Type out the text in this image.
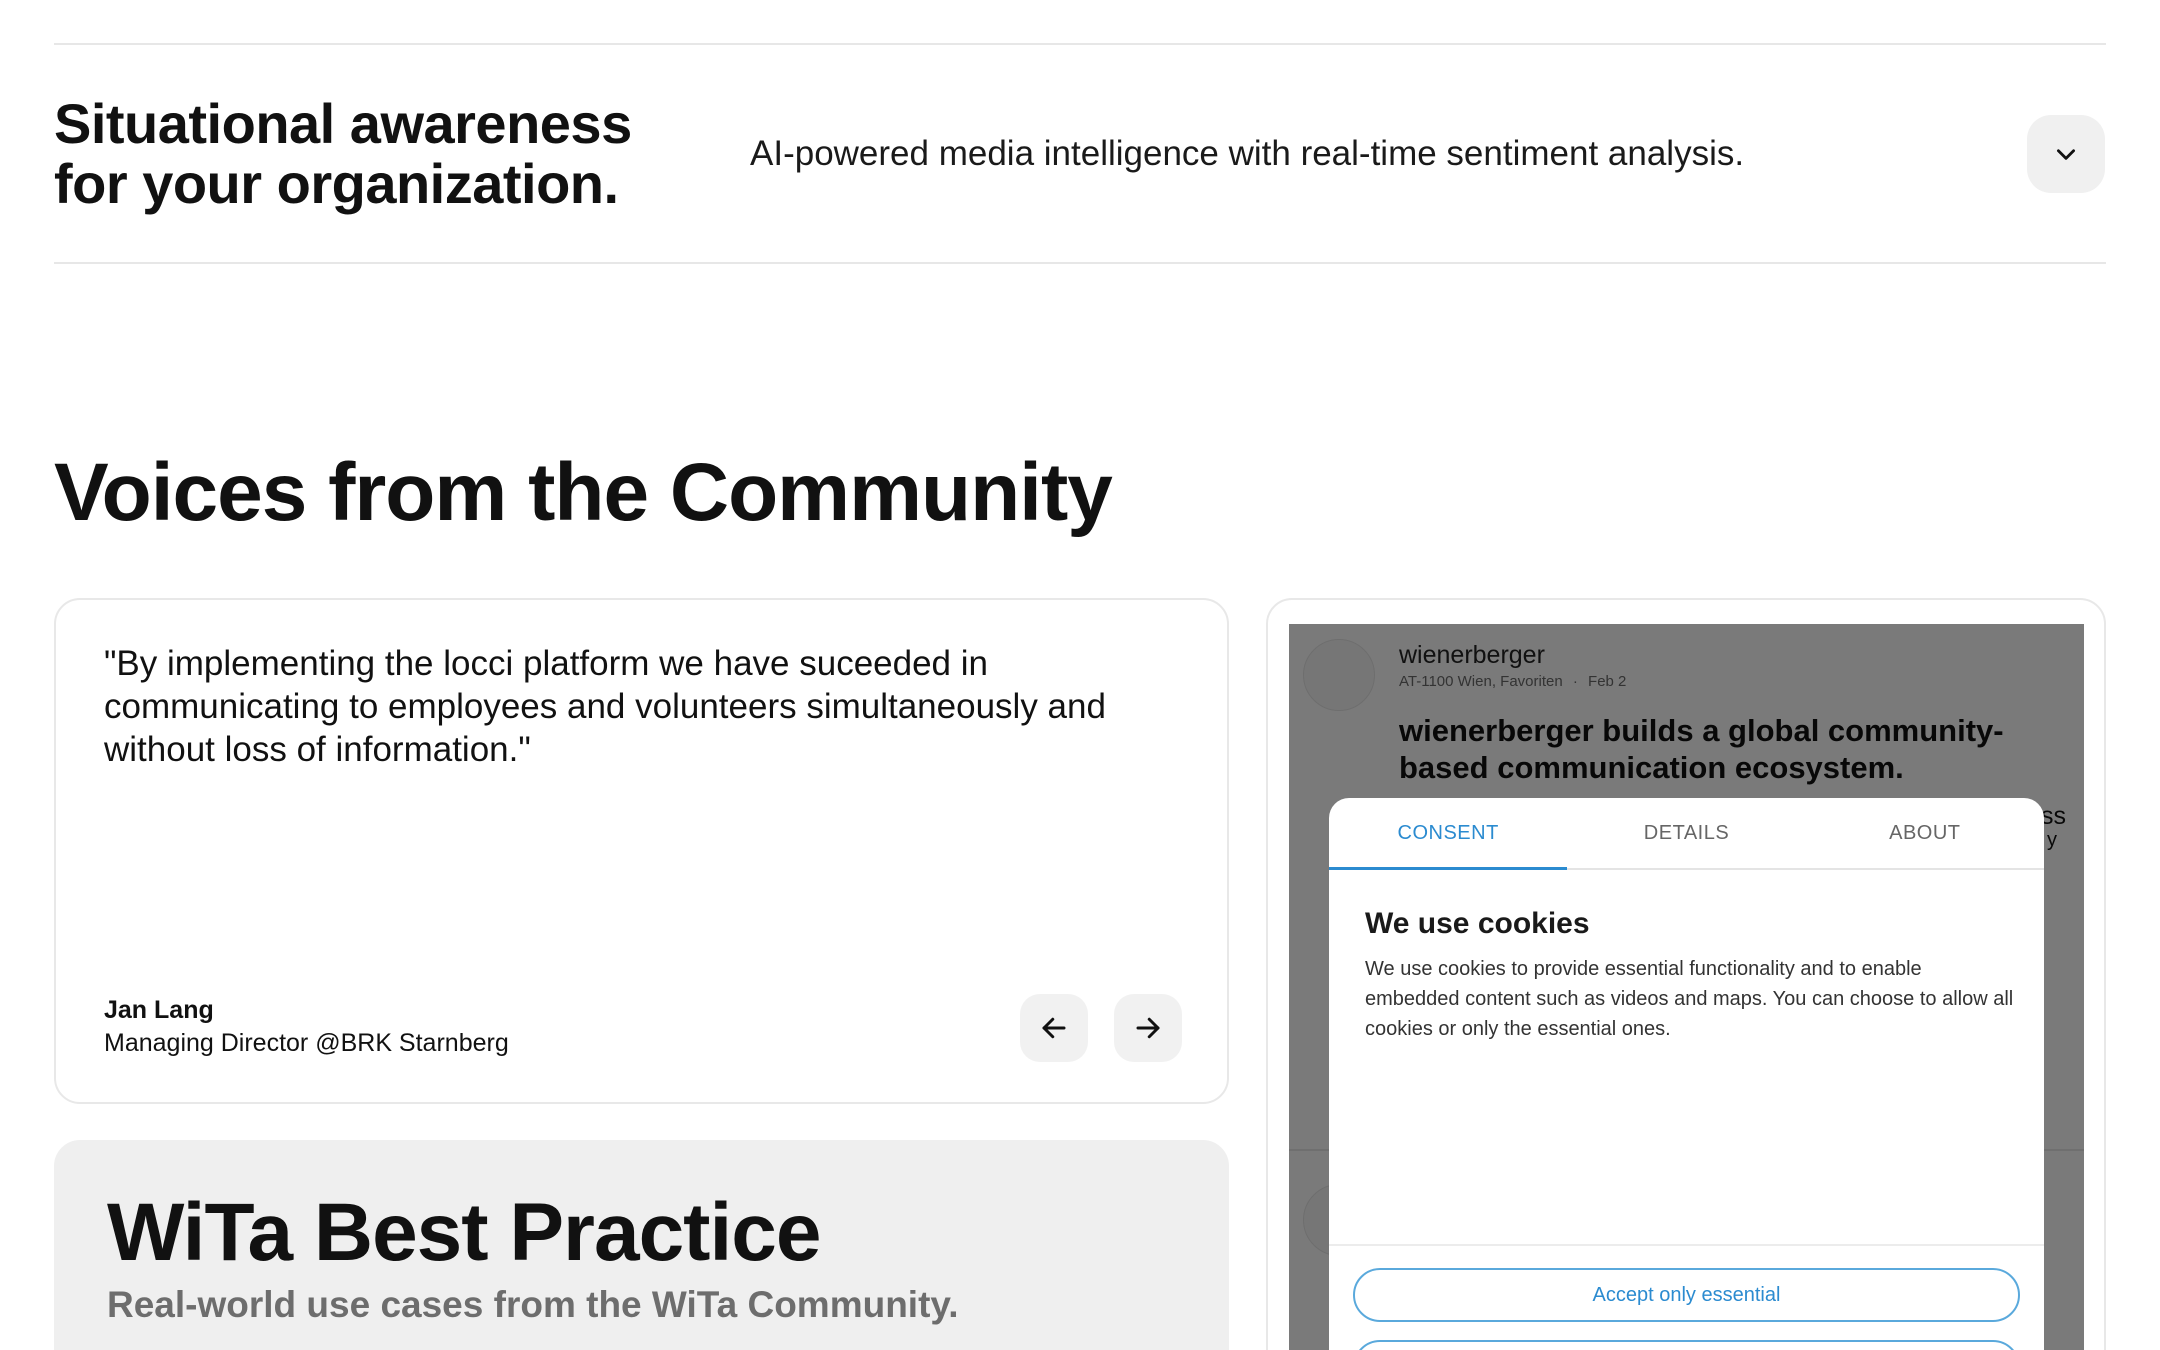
Situational awareness for your organization.	AI-powered media intelligence with real-time sentiment analysis.

Voices from the Community

"By implementing the locci platform we have suceeded in communicating to employees and volunteers simultaneously and without loss of information."

Jan Lang
Managing Director @BRK Starnberg
WiTa Best Practice

Real-world use cases from the WiTa Community.

CONSENT	DETAILS	ABOUT
We use cookies

We use cookies to provide essential functionality and to enable embedded content such as videos and maps. You can choose to allow all cookies or only the essential ones.

Accept only essential
